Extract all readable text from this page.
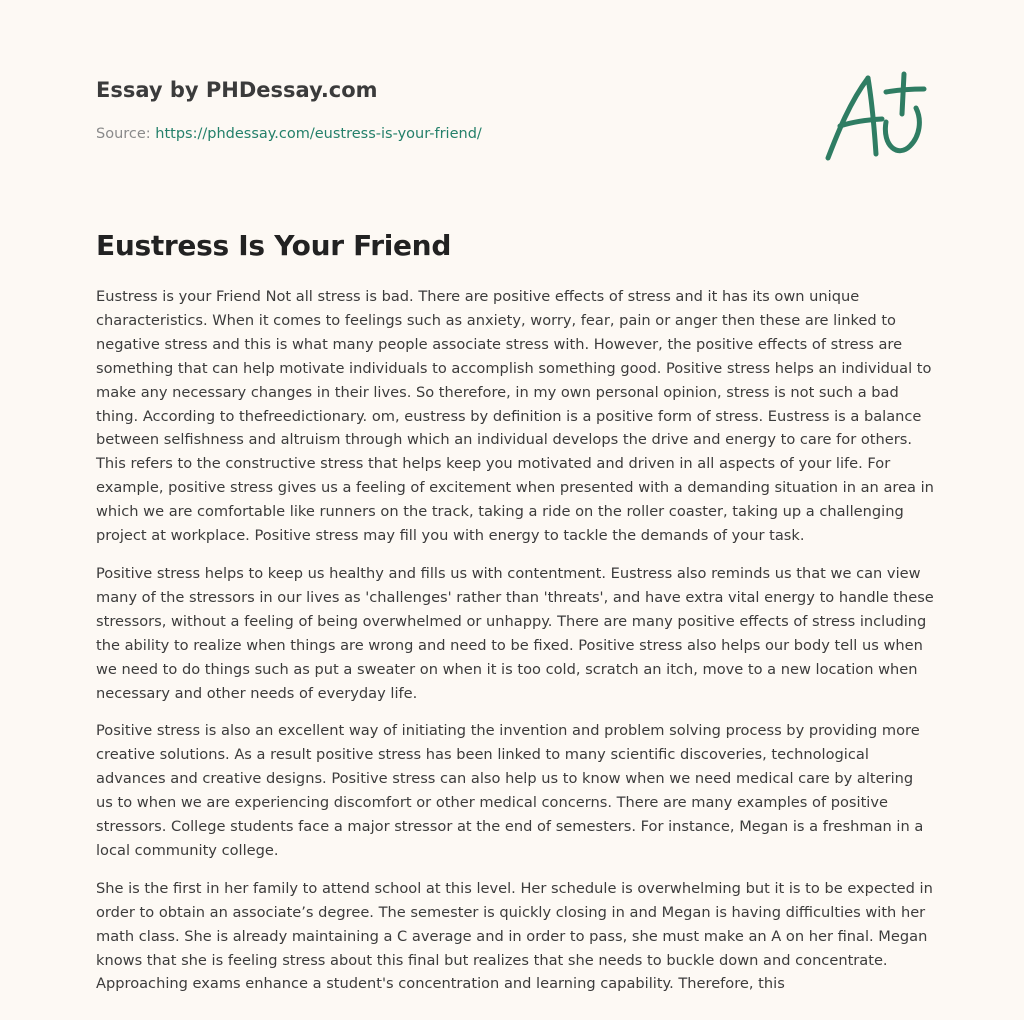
Essay by PHDessay.com
Source: https://phdessay.com/eustress-is-your-friend/
Eustress Is Your Friend

Eustress is your Friend Not all stress is bad. There are positive effects of stress and it has its own unique characteristics. When it comes to feelings such as anxiety, worry, fear, pain or anger then these are linked to negative stress and this is what many people associate stress with. However, the positive effects of stress are something that can help motivate individuals to accomplish something good. Positive stress helps an individual to make any necessary changes in their lives. So therefore, in my own personal opinion, stress is not such a bad thing. According to thefreedictionary. om, eustress by definition is a positive form of stress. Eustress is a balance between selfishness and altruism through which an individual develops the drive and energy to care for others. This refers to the constructive stress that helps keep you motivated and driven in all aspects of your life. For example, positive stress gives us a feeling of excitement when presented with a demanding situation in an area in which we are comfortable like runners on the track, taking a ride on the roller coaster, taking up a challenging project at workplace. Positive stress may fill you with energy to tackle the demands of your task.

Positive stress helps to keep us healthy and fills us with contentment. Eustress also reminds us that we can view many of the stressors in our lives as 'challenges' rather than 'threats', and have extra vital energy to handle these stressors, without a feeling of being overwhelmed or unhappy. There are many positive effects of stress including the ability to realize when things are wrong and need to be fixed. Positive stress also helps our body tell us when we need to do things such as put a sweater on when it is too cold, scratch an itch, move to a new location when necessary and other needs of everyday life.

Positive stress is also an excellent way of initiating the invention and problem solving process by providing more creative solutions. As a result positive stress has been linked to many scientific discoveries, technological advances and creative designs. Positive stress can also help us to know when we need medical care by altering us to when we are experiencing discomfort or other medical concerns. There are many examples of positive stressors. College students face a major stressor at the end of semesters. For instance, Megan is a freshman in a local community college.

She is the first in her family to attend school at this level. Her schedule is overwhelming but it is to be expected in order to obtain an associate’s degree. The semester is quickly closing in and Megan is having difficulties with her math class. She is already maintaining a C average and in order to pass, she must make an A on her final. Megan knows that she is feeling stress about this final but realizes that she needs to buckle down and concentrate. Approaching exams enhance a student's concentration and learning capability. Therefore, this
